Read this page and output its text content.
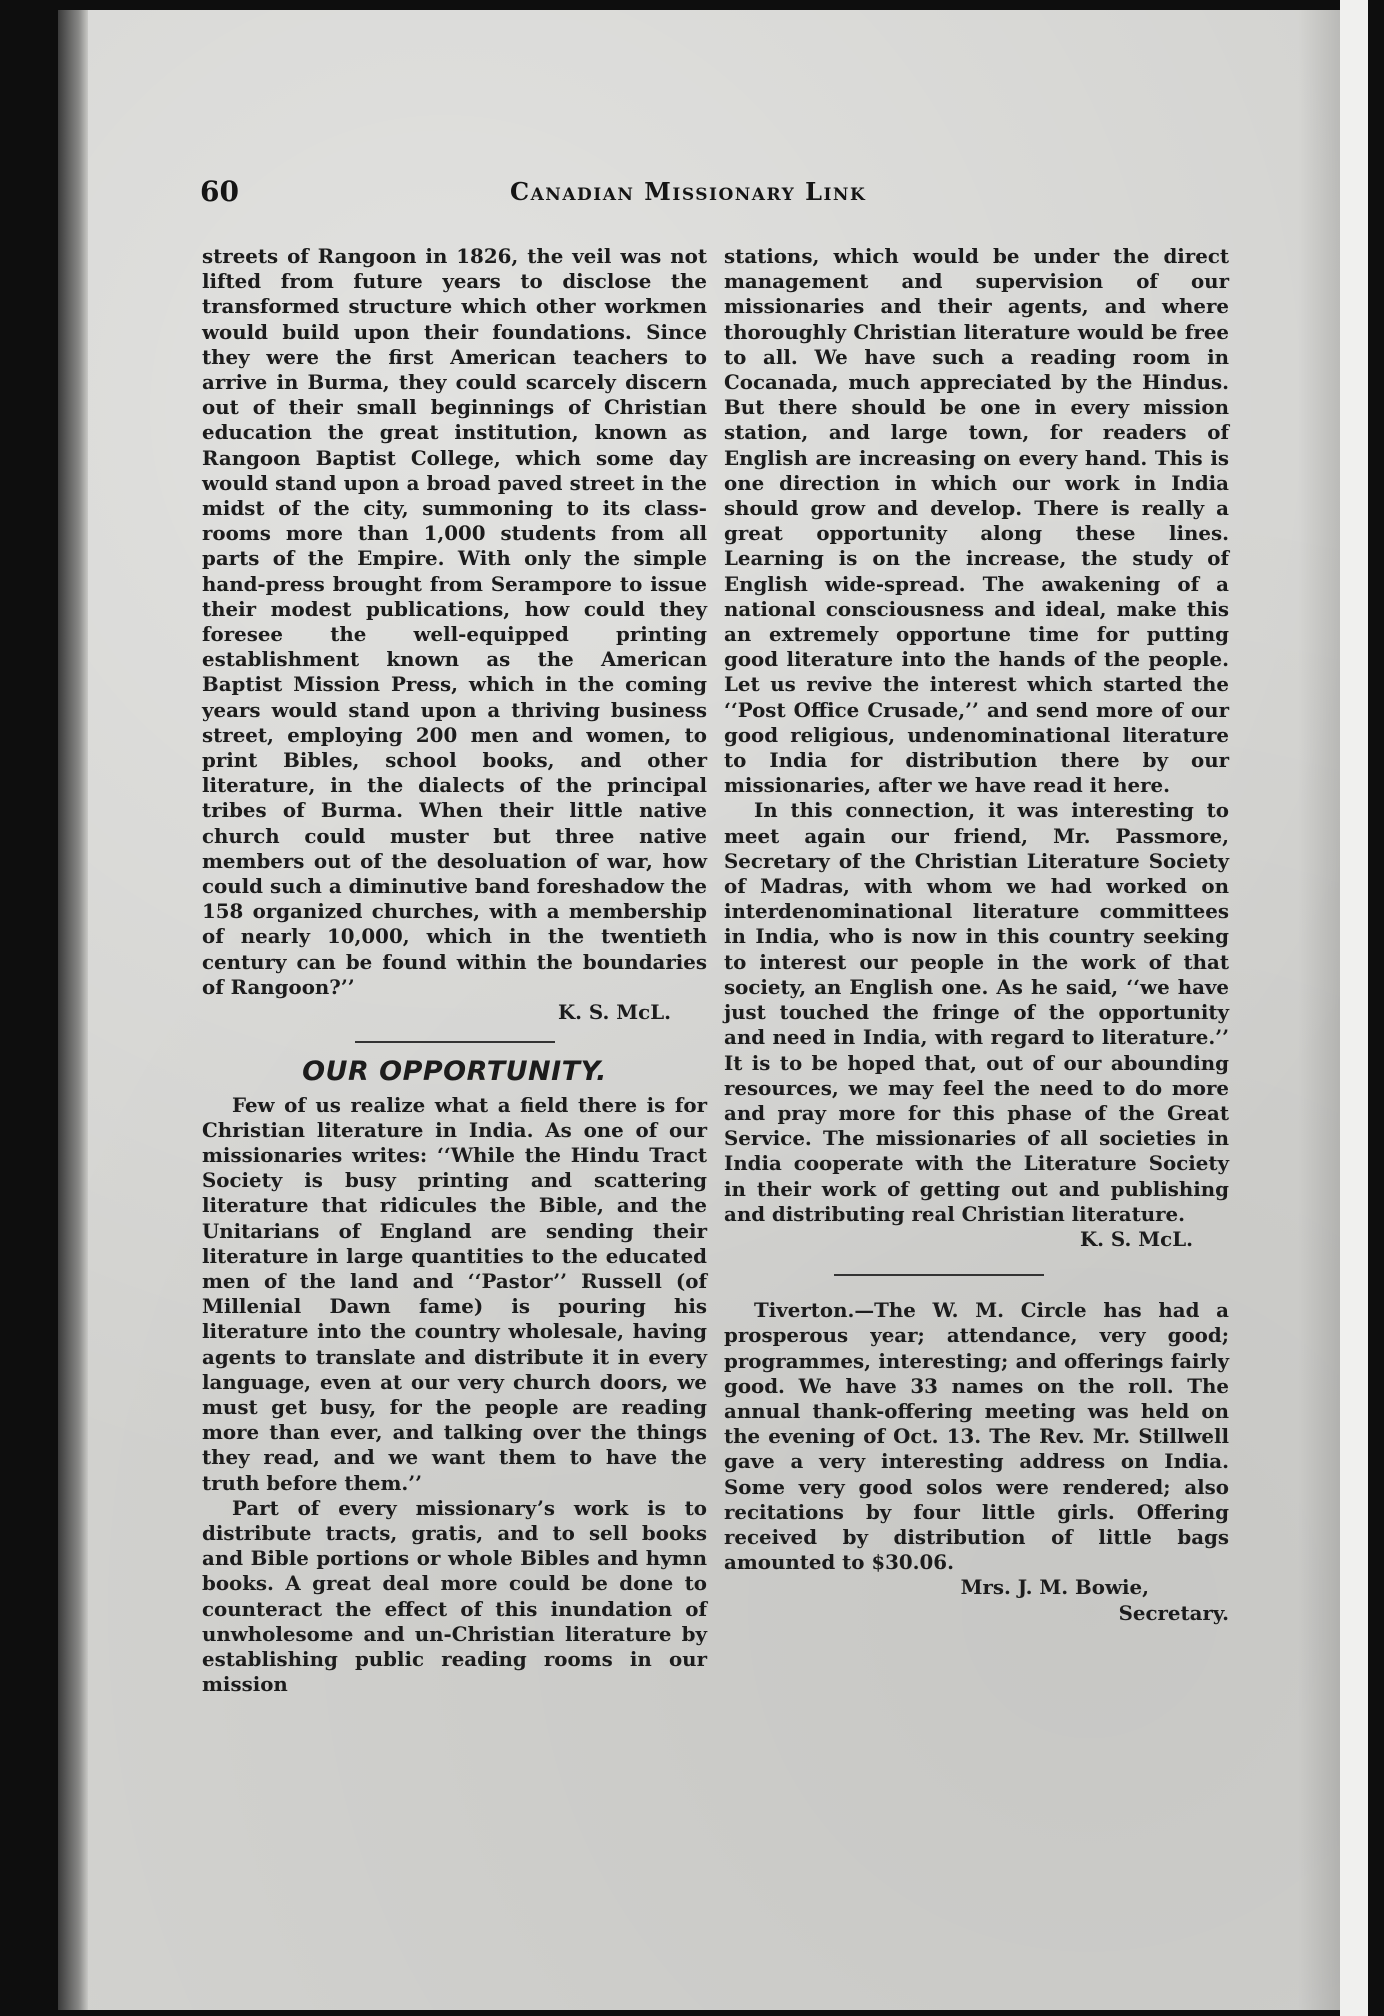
60	Canadian Missionary Link

streets of Rangoon in 1826, the veil was not lifted from future years to disclose the transformed structure which other workmen would build upon their foundations. Since they were the first American teachers to arrive in Burma, they could scarcely discern out of their small beginnings of Christian education the great institution, known as Rangoon Baptist College, which some day would stand upon a broad paved street in the midst of the city, summoning to its class-rooms more than 1,000 students from all parts of the Empire. With only the simple hand-press brought from Serampore to issue their modest publications, how could they foresee the well-equipped printing establishment known as the American Baptist Mission Press, which in the coming years would stand upon a thriving business street, employing 200 men and women, to print Bibles, school books, and other literature, in the dialects of the principal tribes of Burma. When their little native church could muster but three native members out of the desoluation of war, how could such a diminutive band foreshadow the 158 organized churches, with a membership of nearly 10,000, which in the twentieth century can be found within the boundaries of Rangoon?’’

K. S. McL.

OUR OPPORTUNITY.

Few of us realize what a field there is for Christian literature in India. As one of our missionaries writes: ‘‘While the Hindu Tract Society is busy printing and scattering literature that ridicules the Bible, and the Unitarians of England are sending their literature in large quantities to the educated men of the land and ‘‘Pastor’’ Russell (of Millenial Dawn fame) is pouring his literature into the country wholesale, having agents to translate and distribute it in every language, even at our very church doors, we must get busy, for the people are reading more than ever, and talking over the things they read, and we want them to have the truth before them.’’

Part of every missionary’s work is to distribute tracts, gratis, and to sell books and Bible portions or whole Bibles and hymn books. A great deal more could be done to counteract the effect of this inundation of unwholesome and un-Christian literature by establishing public reading rooms in our mission

stations, which would be under the direct management and supervision of our missionaries and their agents, and where thoroughly Christian literature would be free to all. We have such a reading room in Cocanada, much appreciated by the Hindus. But there should be one in every mission station, and large town, for readers of English are increasing on every hand. This is one direction in which our work in India should grow and develop. There is really a great opportunity along these lines. Learning is on the increase, the study of English wide-spread. The awakening of a national consciousness and ideal, make this an extremely opportune time for putting good literature into the hands of the people. Let us revive the interest which started the ‘‘Post Office Crusade,’’ and send more of our good religious, undenominational literature to India for distribution there by our missionaries, after we have read it here.

In this connection, it was interesting to meet again our friend, Mr. Passmore, Secretary of the Christian Literature Society of Madras, with whom we had worked on interdenominational literature committees in India, who is now in this country seeking to interest our people in the work of that society, an English one. As he said, ‘‘we have just touched the fringe of the opportunity and need in India, with regard to literature.’’ It is to be hoped that, out of our abounding resources, we may feel the need to do more and pray more for this phase of the Great Service. The missionaries of all societies in India cooperate with the Literature Society in their work of getting out and publishing and distributing real Christian literature.

K. S. McL.

Tiverton.—The W. M. Circle has had a prosperous year; attendance, very good; programmes, interesting; and offerings fairly good. We have 33 names on the roll. The annual thank-offering meeting was held on the evening of Oct. 13. The Rev. Mr. Stillwell gave a very interesting address on India. Some very good solos were rendered; also recitations by four little girls. Offering received by distribution of little bags amounted to $30.06.

Mrs. J. M. Bowie,

Secretary.
